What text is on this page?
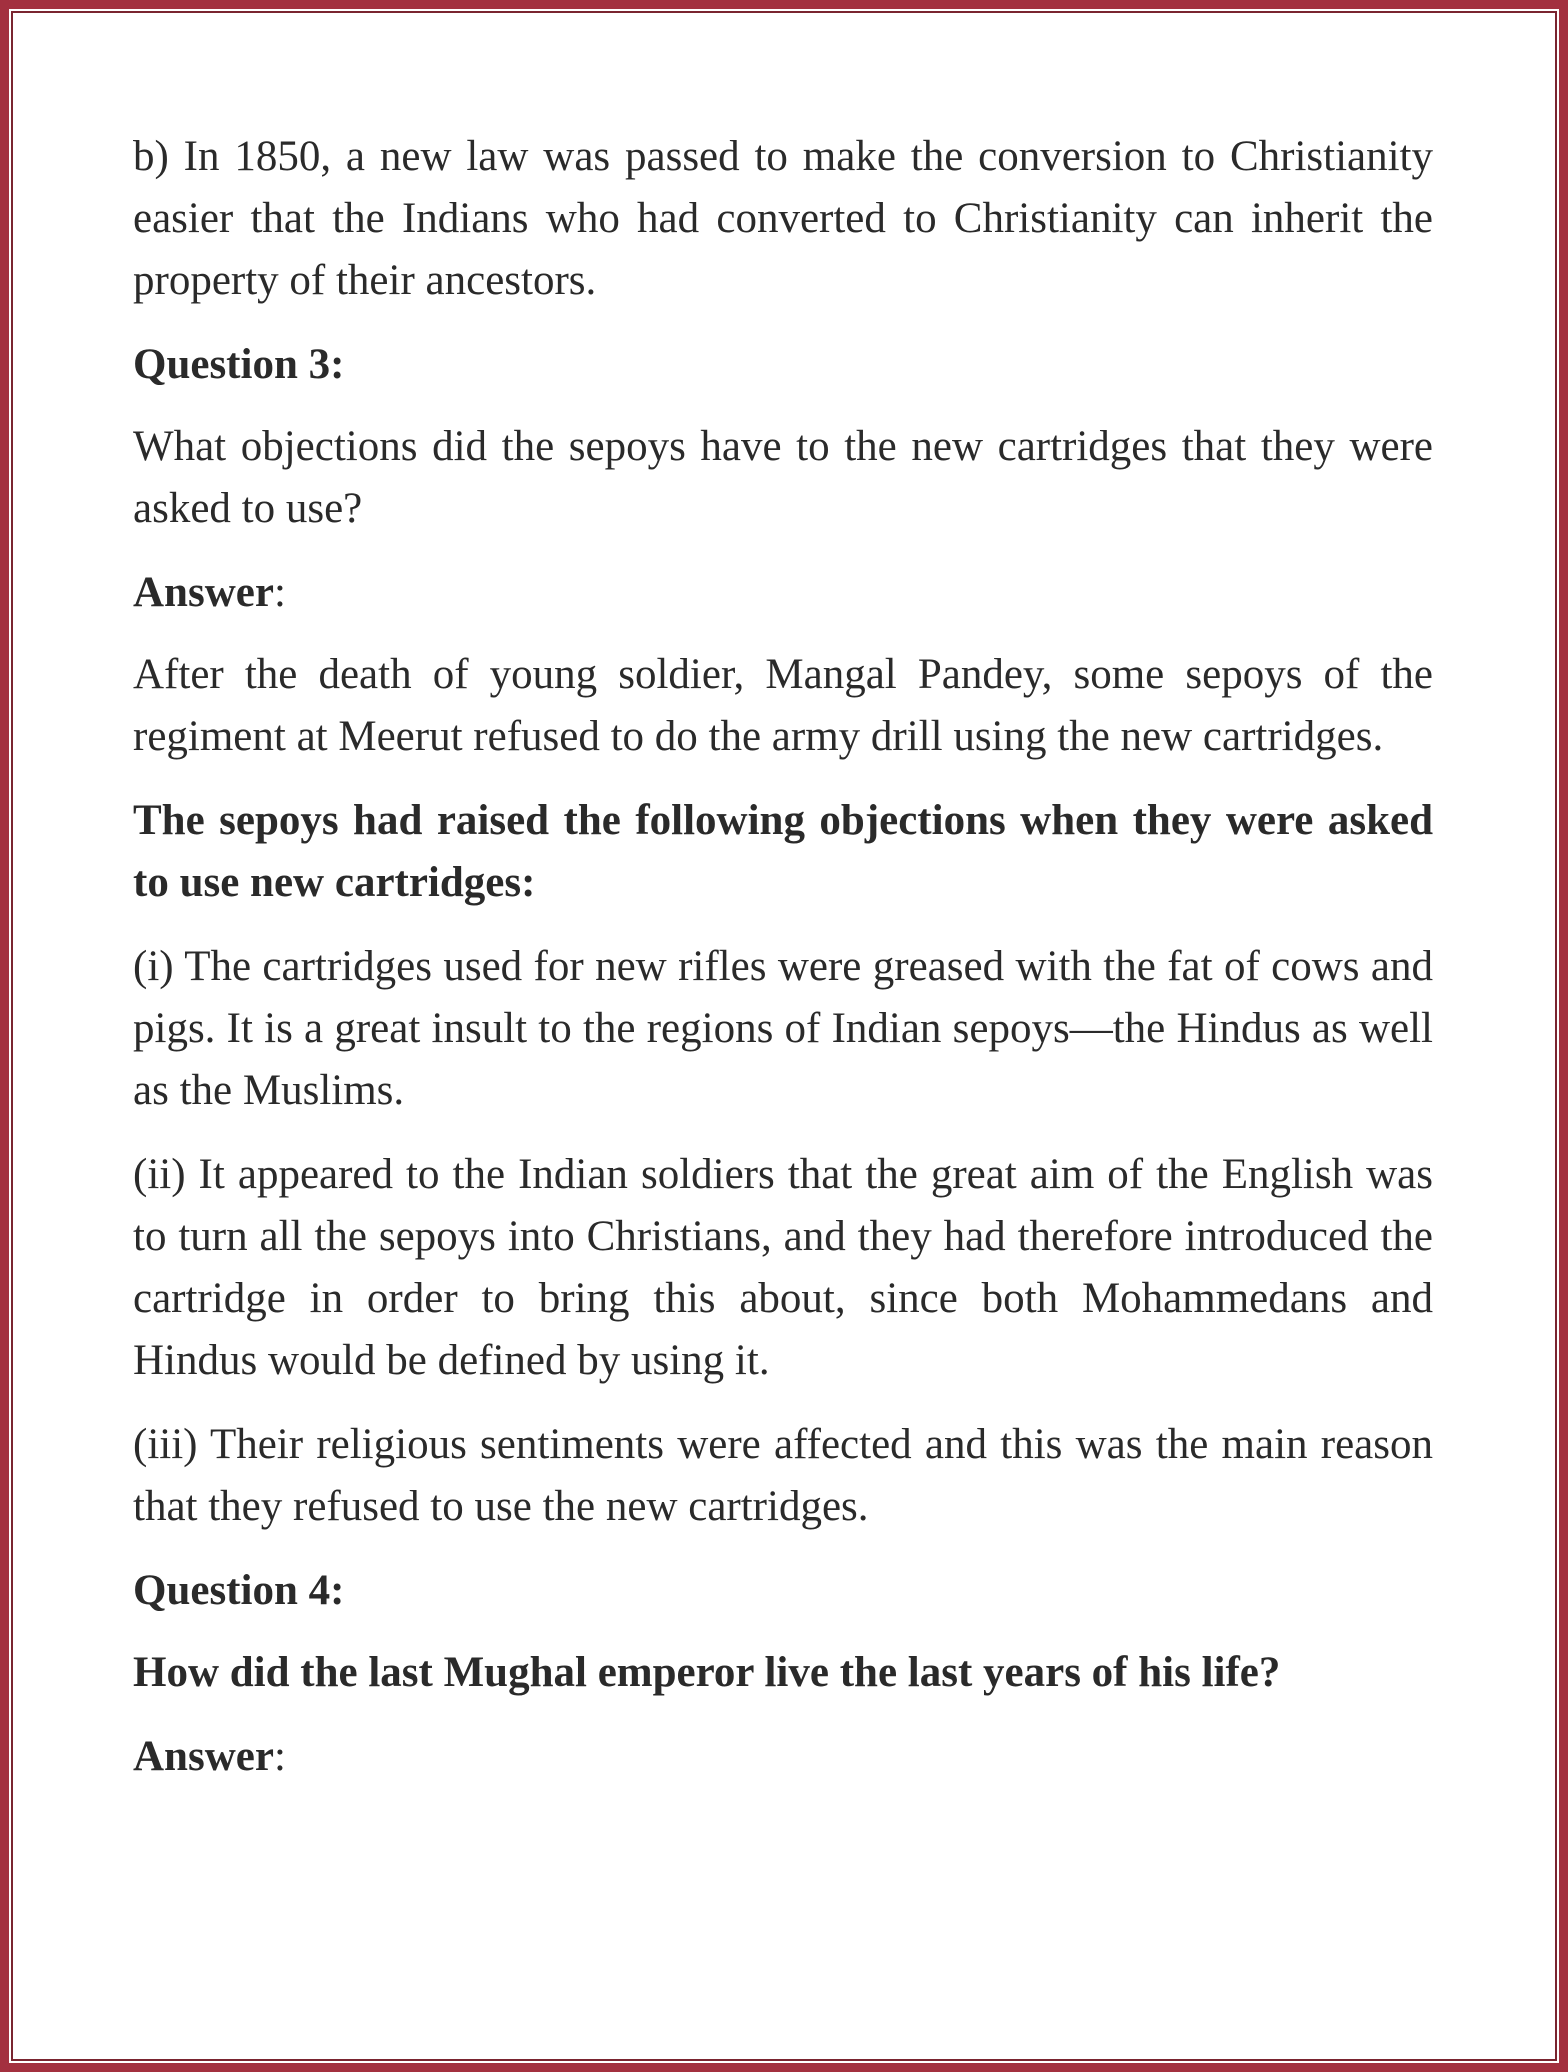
b) In 1850, a new law was passed to make the conversion to Christianity easier that the Indians who had converted to Christianity can inherit the property of their ancestors.

Question 3:

What objections did the sepoys have to the new cartridges that they were asked to use?

Answer:

After the death of young soldier, Mangal Pandey, some sepoys of the regiment at Meerut refused to do the army drill using the new cartridges.

The sepoys had raised the following objections when they were asked to use new cartridges:

(i) The cartridges used for new rifles were greased with the fat of cows and pigs. It is a great insult to the regions of Indian sepoys—the Hindus as well as the Muslims.

(ii) It appeared to the Indian soldiers that the great aim of the English was to turn all the sepoys into Christians, and they had therefore introduced the cartridge in order to bring this about, since both Mohammedans and Hindus would be defined by using it.

(iii) Their religious sentiments were affected and this was the main reason that they refused to use the new cartridges.

Question 4:

How did the last Mughal emperor live the last years of his life?

Answer:
